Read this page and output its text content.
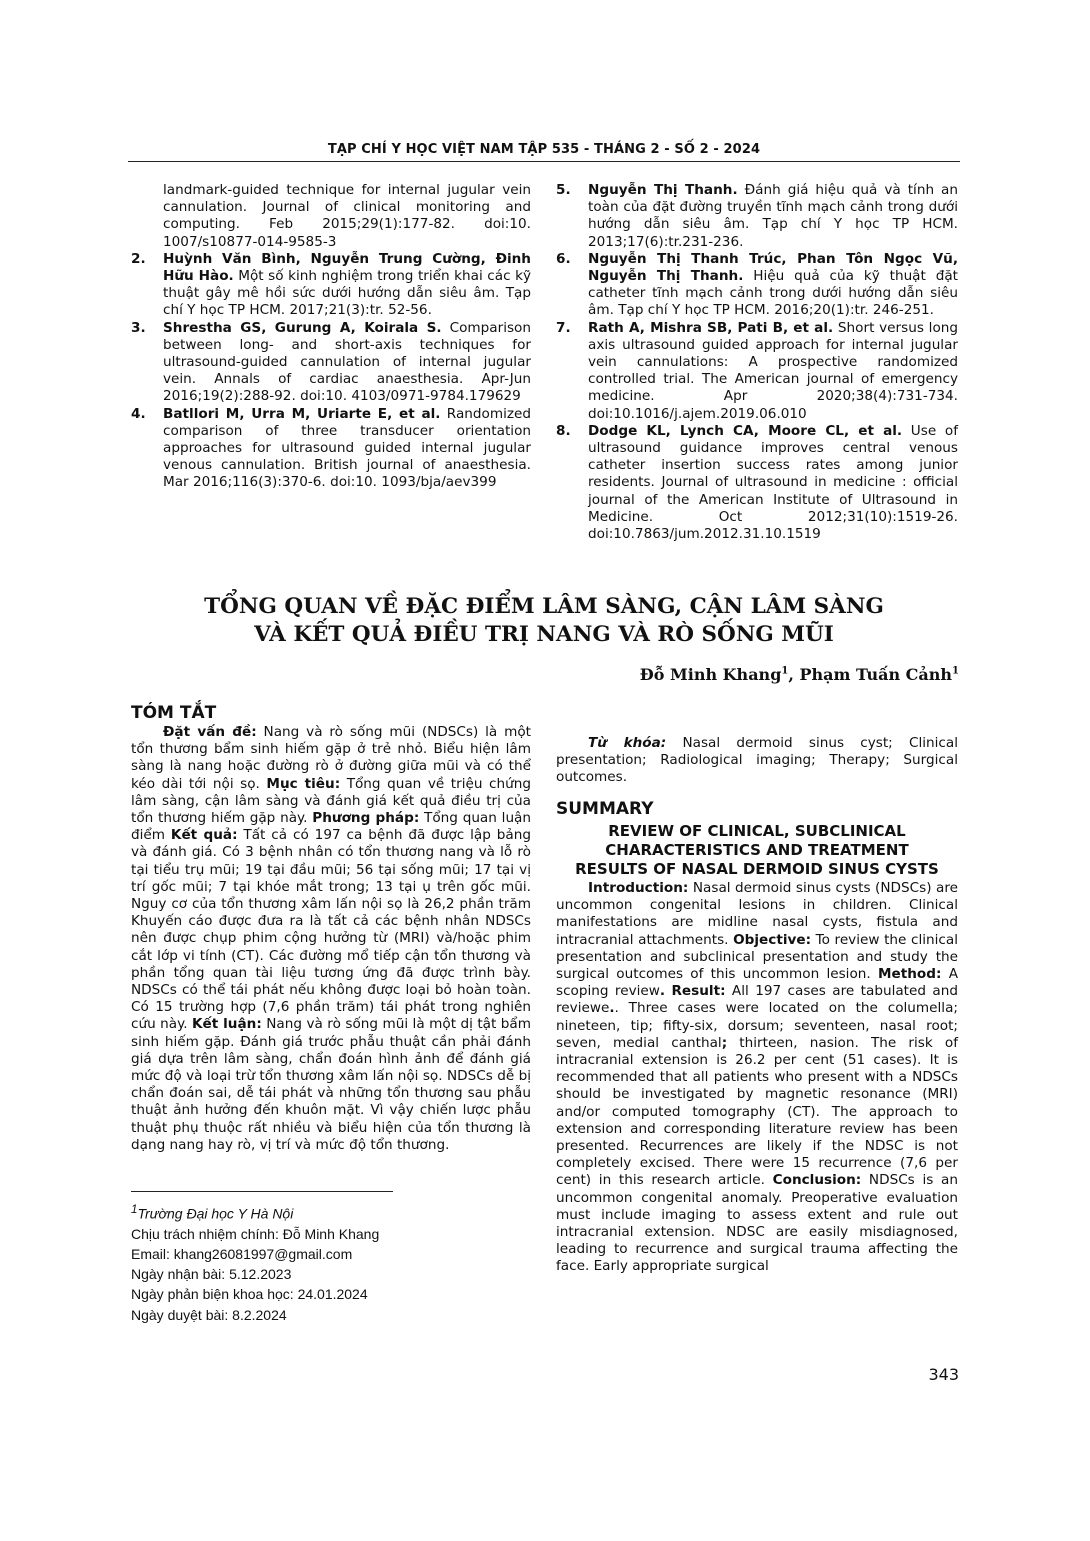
TẠP CHÍ Y HỌC VIỆT NAM TẬP 535 - THÁNG 2 - SỐ 2 - 2024
landmark-guided technique for internal jugular vein cannulation. Journal of clinical monitoring and computing. Feb 2015;29(1):177-82. doi:10. 1007/s10877-014-9585-3
2. Huỳnh Văn Bình, Nguyễn Trung Cường, Đinh Hữu Hào. Một số kinh nghiệm trong triển khai các kỹ thuật gây mê hồi sức dưới hướng dẫn siêu âm. Tạp chí Y học TP HCM. 2017;21(3):tr. 52-56.
3. Shrestha GS, Gurung A, Koirala S. Comparison between long- and short-axis techniques for ultrasound-guided cannulation of internal jugular vein. Annals of cardiac anaesthesia. Apr-Jun 2016;19(2):288-92. doi:10. 4103/0971-9784.179629
4. Batllori M, Urra M, Uriarte E, et al. Randomized comparison of three transducer orientation approaches for ultrasound guided internal jugular venous cannulation. British journal of anaesthesia. Mar 2016;116(3):370-6. doi:10. 1093/bja/aev399
5. Nguyễn Thị Thanh. Đánh giá hiệu quả và tính an toàn của đặt đường truyền tĩnh mạch cảnh trong dưới hướng dẫn siêu âm. Tạp chí Y học TP HCM. 2013;17(6):tr.231-236.
6. Nguyễn Thị Thanh Trúc, Phan Tôn Ngọc Vũ, Nguyễn Thị Thanh. Hiệu quả của kỹ thuật đặt catheter tĩnh mạch cảnh trong dưới hướng dẫn siêu âm. Tạp chí Y học TP HCM. 2016;20(1):tr. 246-251.
7. Rath A, Mishra SB, Pati B, et al. Short versus long axis ultrasound guided approach for internal jugular vein cannulations: A prospective randomized controlled trial. The American journal of emergency medicine. Apr 2020;38(4):731-734. doi:10.1016/j.ajem.2019.06.010
8. Dodge KL, Lynch CA, Moore CL, et al. Use of ultrasound guidance improves central venous catheter insertion success rates among junior residents. Journal of ultrasound in medicine : official journal of the American Institute of Ultrasound in Medicine. Oct 2012;31(10):1519-26. doi:10.7863/jum.2012.31.10.1519
TỔNG QUAN VỀ ĐẶC ĐIỂM LÂM SÀNG, CẬN LÂM SÀNG
VÀ KẾT QUẢ ĐIỀU TRỊ NANG VÀ RÒ SỐNG MŨI
Đỗ Minh Khang$^1$, Phạm Tuấn Cảnh$^1$
TÓM TẮT

Đặt vấn đề: Nang và rò sống mũi (NDSCs) là một tổn thương bẩm sinh hiếm gặp ở trẻ nhỏ. Biểu hiện lâm sàng là nang hoặc đường rò ở đường giữa mũi và có thể kéo dài tới nội sọ. Mục tiêu: Tổng quan về triệu chứng lâm sàng, cận lâm sàng và đánh giá kết quả điều trị của tổn thương hiếm gặp này. Phương pháp: Tổng quan luận điểm Kết quả: Tất cả có 197 ca bệnh đã được lập bảng và đánh giá. Có 3 bệnh nhân có tổn thương nang và lỗ rò tại tiểu trụ mũi; 19 tại đầu mũi; 56 tại sống mũi; 17 tại vị trí gốc mũi; 7 tại khóe mắt trong; 13 tại ụ trên gốc mũi. Nguy cơ của tổn thương xâm lấn nội sọ là 26,2 phần trăm Khuyến cáo được đưa ra là tất cả các bệnh nhân NDSCs nên được chụp phim cộng hưởng từ (MRI) và/hoặc phim cắt lớp vi tính (CT). Các đường mổ tiếp cận tổn thương và phần tổng quan tài liệu tương ứng đã được trình bày. NDSCs có thể tái phát nếu không được loại bỏ hoàn toàn. Có 15 trường hợp (7,6 phần trăm) tái phát trong nghiên cứu này. Kết luận: Nang và rò sống mũi là một dị tật bẩm sinh hiếm gặp. Đánh giá trước phẫu thuật cần phải đánh giá dựa trên lâm sàng, chẩn đoán hình ảnh để đánh giá mức độ và loại trừ tổn thương xâm lấn nội sọ. NDSCs dễ bị chẩn đoán sai, dễ tái phát và những tổn thương sau phẫu thuật ảnh hưởng đến khuôn mặt. Vì vậy chiến lược phẫu thuật phụ thuộc rất nhiều và biểu hiện của tổn thương là dạng nang hay rò, vị trí và mức độ tổn thương.

Từ khóa: Nasal dermoid sinus cyst; Clinical presentation; Radiological imaging; Therapy; Surgical outcomes.

SUMMARY
REVIEW OF CLINICAL, SUBCLINICAL
CHARACTERISTICS AND TREATMENT
RESULTS OF NASAL DERMOID SINUS CYSTS

Introduction: Nasal dermoid sinus cysts (NDSCs) are uncommon congenital lesions in children. Clinical manifestations are midline nasal cysts, fistula and intracranial attachments. Objective: To review the clinical presentation and subclinical presentation and study the surgical outcomes of this uncommon lesion. Method: A scoping review. Result: All 197 cases are tabulated and reviewe.. Three cases were located on the columella; nineteen, tip; fifty-six, dorsum; seventeen, nasal root; seven, medial canthal; thirteen, nasion. The risk of intracranial extension is 26.2 per cent (51 cases). It is recommended that all patients who present with a NDSCs should be investigated by magnetic resonance (MRI) and/or computed tomography (CT). The approach to extension and corresponding literature review has been presented. Recurrences are likely if the NDSC is not completely excised. There were 15 recurrence (7,6 per cent) in this research article. Conclusion: NDSCs is an uncommon congenital anomaly. Preoperative evaluation must include imaging to assess extent and rule out intracranial extension. NDSC are easily misdiagnosed, leading to recurrence and surgical trauma affecting the face. Early appropriate surgical

$^1$Trường Đại học Y Hà Nội
Chịu trách nhiệm chính: Đỗ Minh Khang
Email: khang26081997@gmail.com
Ngày nhận bài: 5.12.2023
Ngày phản biện khoa học: 24.01.2024
Ngày duyệt bài: 8.2.2024
343
